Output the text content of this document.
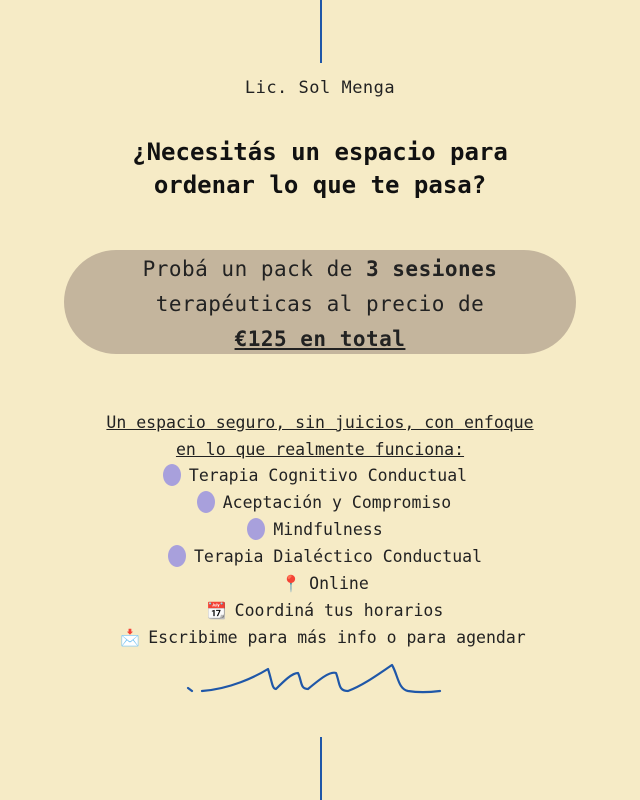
Lic. Sol Menga
¿Necesitás un espacio para
ordenar lo que te pasa?
Probá un pack de 3 sesiones
terapéuticas al precio de
€125 en total
Un espacio seguro, sin juicios, con enfoque
en lo que realmente funciona:
Terapia Cognitivo Conductual
Aceptación y Compromiso
Mindfulness
Terapia Dialéctico Conductual
📍 Online
📆 Coordiná tus horarios
📩 Escribime para más info o para agendar
